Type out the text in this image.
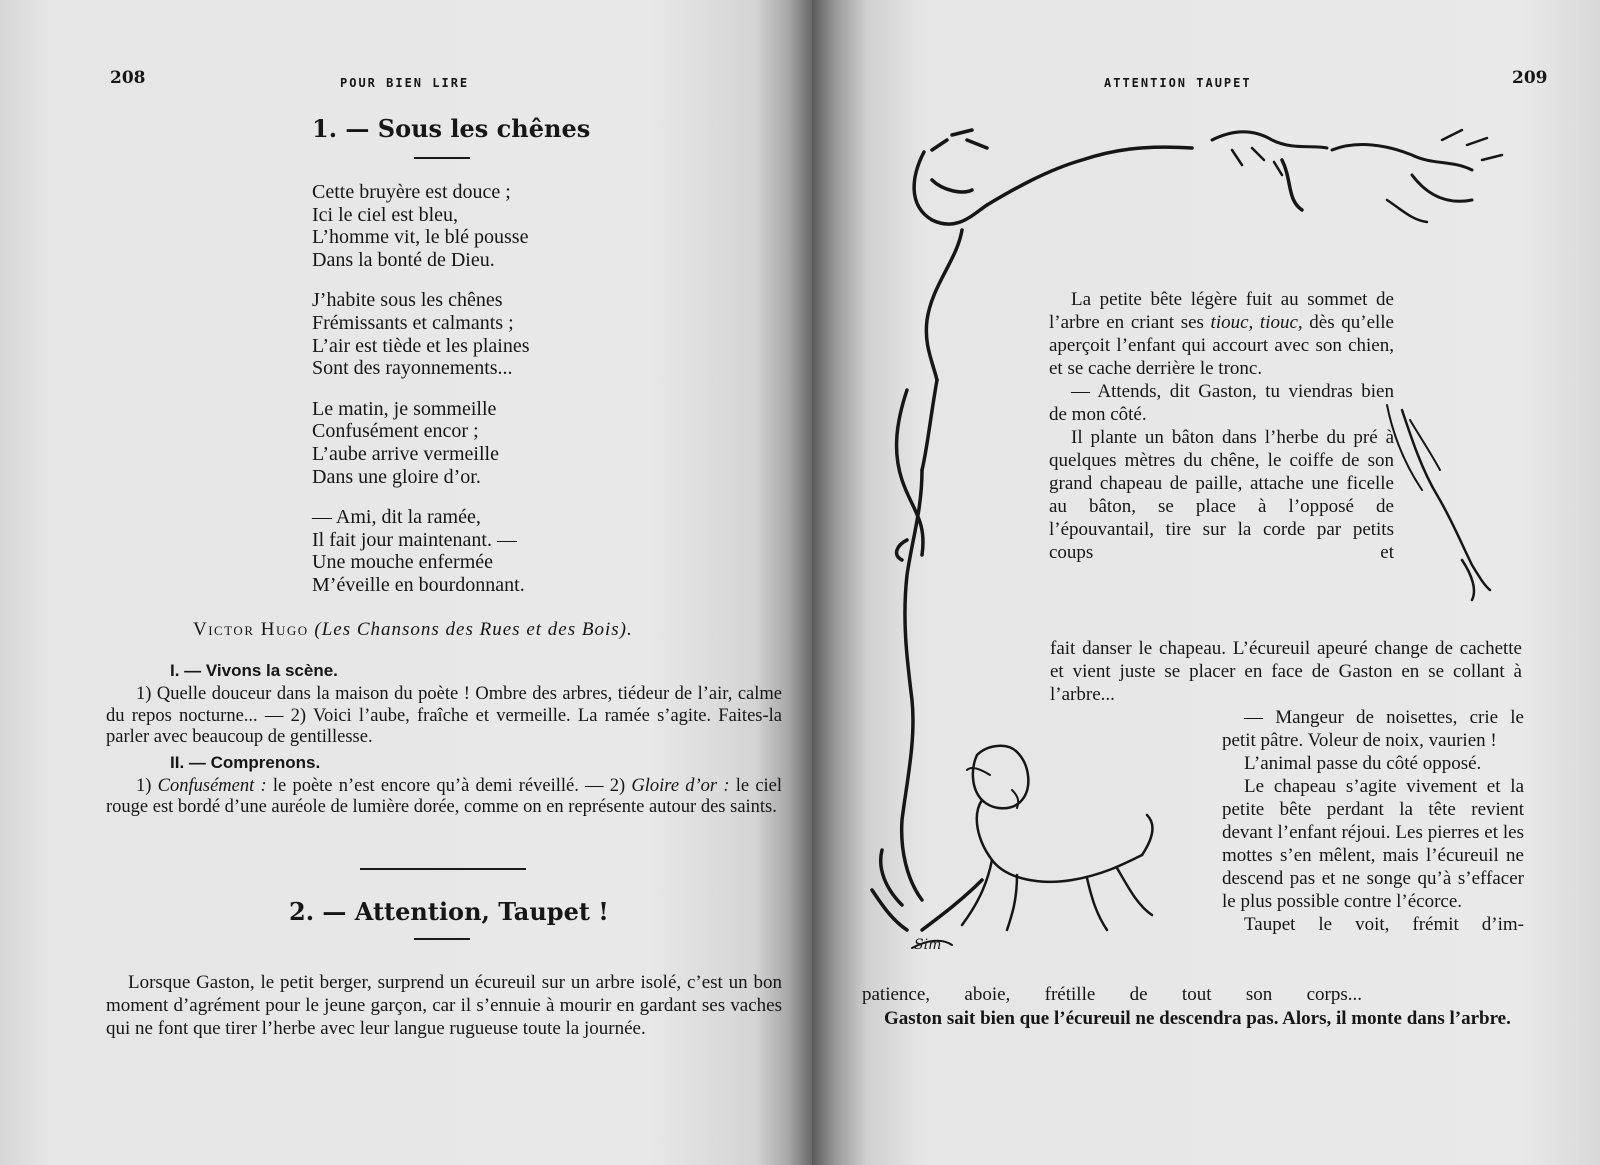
208	POUR BIEN LIRE
1. — Sous les chênes
Cette bruyère est douce ;
Ici le ciel est bleu,
L’homme vit, le blé pousse
Dans la bonté de Dieu.
J’habite sous les chênes
Frémissants et calmants ;
L’air est tiède et les plaines
Sont des rayonnements...
Le matin, je sommeille
Confusément encor ;
L’aube arrive vermeille
Dans une gloire d’or.
— Ami, dit la ramée,
Il fait jour maintenant. —
Une mouche enfermée
M’éveille en bourdonnant.
Victor Hugo (Les Chansons des Rues et des Bois).
I. — Vivons la scène.
1) Quelle douceur dans la maison du poète ! Ombre des arbres, tiédeur de l’air, calme du repos nocturne... — 2) Voici l’aube, fraîche et vermeille. La ramée s’agite. Faites-la parler avec beaucoup de gentillesse.
II. — Comprenons.
1) Confusément : le poète n’est encore qu’à demi réveillé. — 2) Gloire d’or : le ciel rouge est bordé d’une auréole de lumière dorée, comme on en représente autour des saints.
2. — Attention, Taupet !

Lorsque Gaston, le petit berger, surprend un écureuil sur un arbre isolé, c’est un bon moment d’agrément pour le jeune garçon, car il s’ennuie à mourir en gardant ses vaches qui ne font que tirer l’herbe avec leur langue rugueuse toute la journée.

ATTENTION TAUPET	209
Sim

La petite bête légère fuit au sommet de l’arbre en criant ses tiouc, tiouc, dès qu’elle aperçoit l’enfant qui accourt avec son chien, et se cache derrière le tronc.

— Attends, dit Gaston, tu viendras bien de mon côté.

Il plante un bâton dans l’herbe du pré à quelques mètres du chêne, le coiffe de son grand chapeau de paille, attache une ficelle au bâton, se place à l’opposé de l’épouvantail, tire sur la corde par petits coups et

fait danser le chapeau. L’écureuil apeuré change de cachette et vient juste se placer en face de Gaston en se collant à l’arbre...

— Mangeur de noisettes, crie le petit pâtre. Voleur de noix, vaurien !

L’animal passe du côté opposé.

Le chapeau s’agite vivement et la petite bête perdant la tête revient devant l’enfant réjoui. Les pierres et les mottes s’en mêlent, mais l’écureuil ne descend pas et ne songe qu’à s’effacer le plus possible contre l’écorce.

Taupet le voit, frémit d’im-

patience, aboie, frétille de tout son corps...

Gaston sait bien que l’écureuil ne descendra pas. Alors, il monte dans l’arbre.
